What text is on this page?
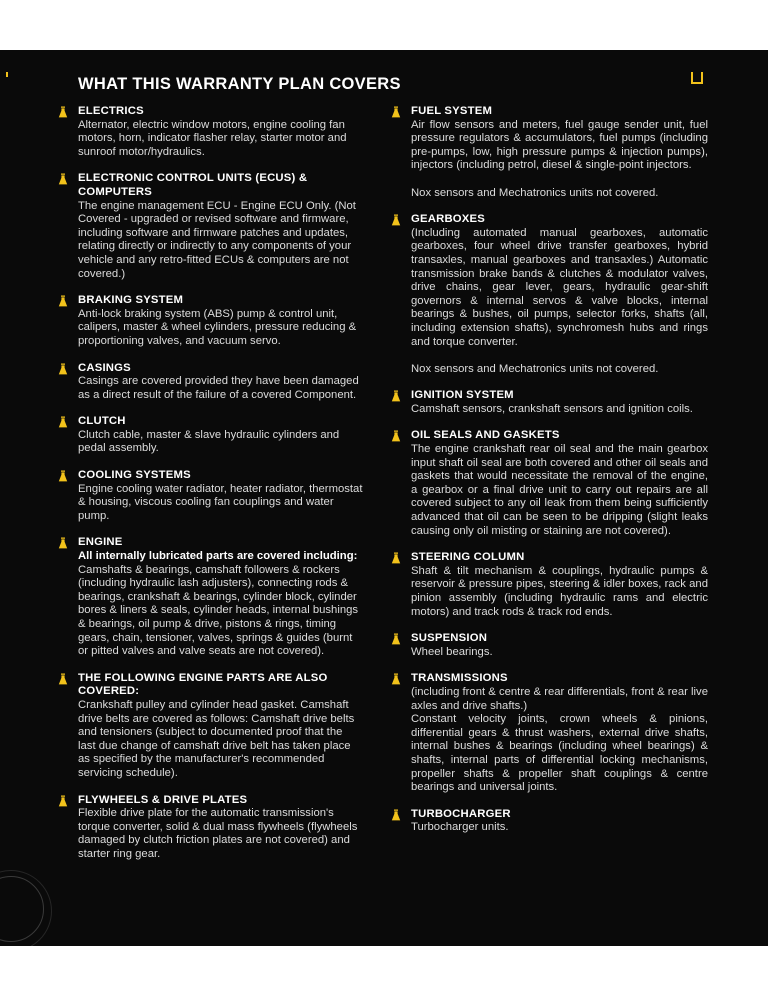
WHAT THIS WARRANTY PLAN COVERS
ELECTRICS
Alternator, electric window motors, engine cooling fan motors, horn, indicator flasher relay, starter motor and sunroof motor/hydraulics.
ELECTRONIC CONTROL UNITS (ECUS) & COMPUTERS
The engine management ECU - Engine ECU Only. (Not Covered - upgraded or revised software and firmware, including software and firmware patches and updates, relating directly or indirectly to any components of your vehicle and any retro-fitted ECUs & computers are not covered.)
BRAKING SYSTEM
Anti-lock braking system (ABS) pump & control unit, calipers, master & wheel cylinders, pressure reducing & proportioning valves, and vacuum servo.
CASINGS
Casings are covered provided they have been damaged as a direct result of the failure of a covered Component.
CLUTCH
Clutch cable, master & slave hydraulic cylinders and pedal assembly.
COOLING SYSTEMS
Engine cooling water radiator, heater radiator, thermostat & housing, viscous cooling fan couplings and water pump.
ENGINE
All internally lubricated parts are covered including: Camshafts & bearings, camshaft followers & rockers (including hydraulic lash adjusters), connecting rods & bearings, crankshaft & bearings, cylinder block, cylinder bores & liners & seals, cylinder heads, internal bushings & bearings, oil pump & drive, pistons & rings, timing gears, chain, tensioner, valves, springs & guides (burnt or pitted valves and valve seats are not covered).
THE FOLLOWING ENGINE PARTS ARE ALSO COVERED:
Crankshaft pulley and cylinder head gasket. Camshaft drive belts are covered as follows: Camshaft drive belts and tensioners (subject to documented proof that the last due change of camshaft drive belt has taken place as specified by the manufacturer's recommended servicing schedule).
FLYWHEELS & DRIVE PLATES
Flexible drive plate for the automatic transmission's torque converter, solid & dual mass flywheels (flywheels damaged by clutch friction plates are not covered) and starter ring gear.
FUEL SYSTEM
Air flow sensors and meters, fuel gauge sender unit, fuel pressure regulators & accumulators, fuel pumps (including pre-pumps, low, high pressure pumps & injection pumps), injectors (including petrol, diesel & single-point injectors.
Nox sensors and Mechatronics units not covered.
GEARBOXES
(Including automated manual gearboxes, automatic gearboxes, four wheel drive transfer gearboxes, hybrid transaxles, manual gearboxes and transaxles.) Automatic transmission brake bands & clutches & modulator valves, drive chains, gear lever, gears, hydraulic gear-shift governors & internal servos & valve blocks, internal bearings & bushes, oil pumps, selector forks, shafts (all, including extension shafts), synchromesh hubs and rings and torque converter.
Nox sensors and Mechatronics units not covered.
IGNITION SYSTEM
Camshaft sensors, crankshaft sensors and ignition coils.
OIL SEALS AND GASKETS
The engine crankshaft rear oil seal and the main gearbox input shaft oil seal are both covered and other oil seals and gaskets that would necessitate the removal of the engine, a gearbox or a final drive unit to carry out repairs are all covered subject to any oil leak from them being sufficiently advanced that oil can be seen to be dripping (slight leaks causing only oil misting or staining are not covered).
STEERING COLUMN
Shaft & tilt mechanism & couplings, hydraulic pumps & reservoir & pressure pipes, steering & idler boxes, rack and pinion assembly (including hydraulic rams and electric motors) and track rods & track rod ends.
SUSPENSION
Wheel bearings.
TRANSMISSIONS
(including front & centre & rear differentials, front & rear live axles and drive shafts.)
Constant velocity joints, crown wheels & pinions, differential gears & thrust washers, external drive shafts, internal bushes & bearings (including wheel bearings) & shafts, internal parts of differential locking mechanisms, propeller shafts & propeller shaft couplings & centre bearings and universal joints.
TURBOCHARGER
Turbocharger units.
